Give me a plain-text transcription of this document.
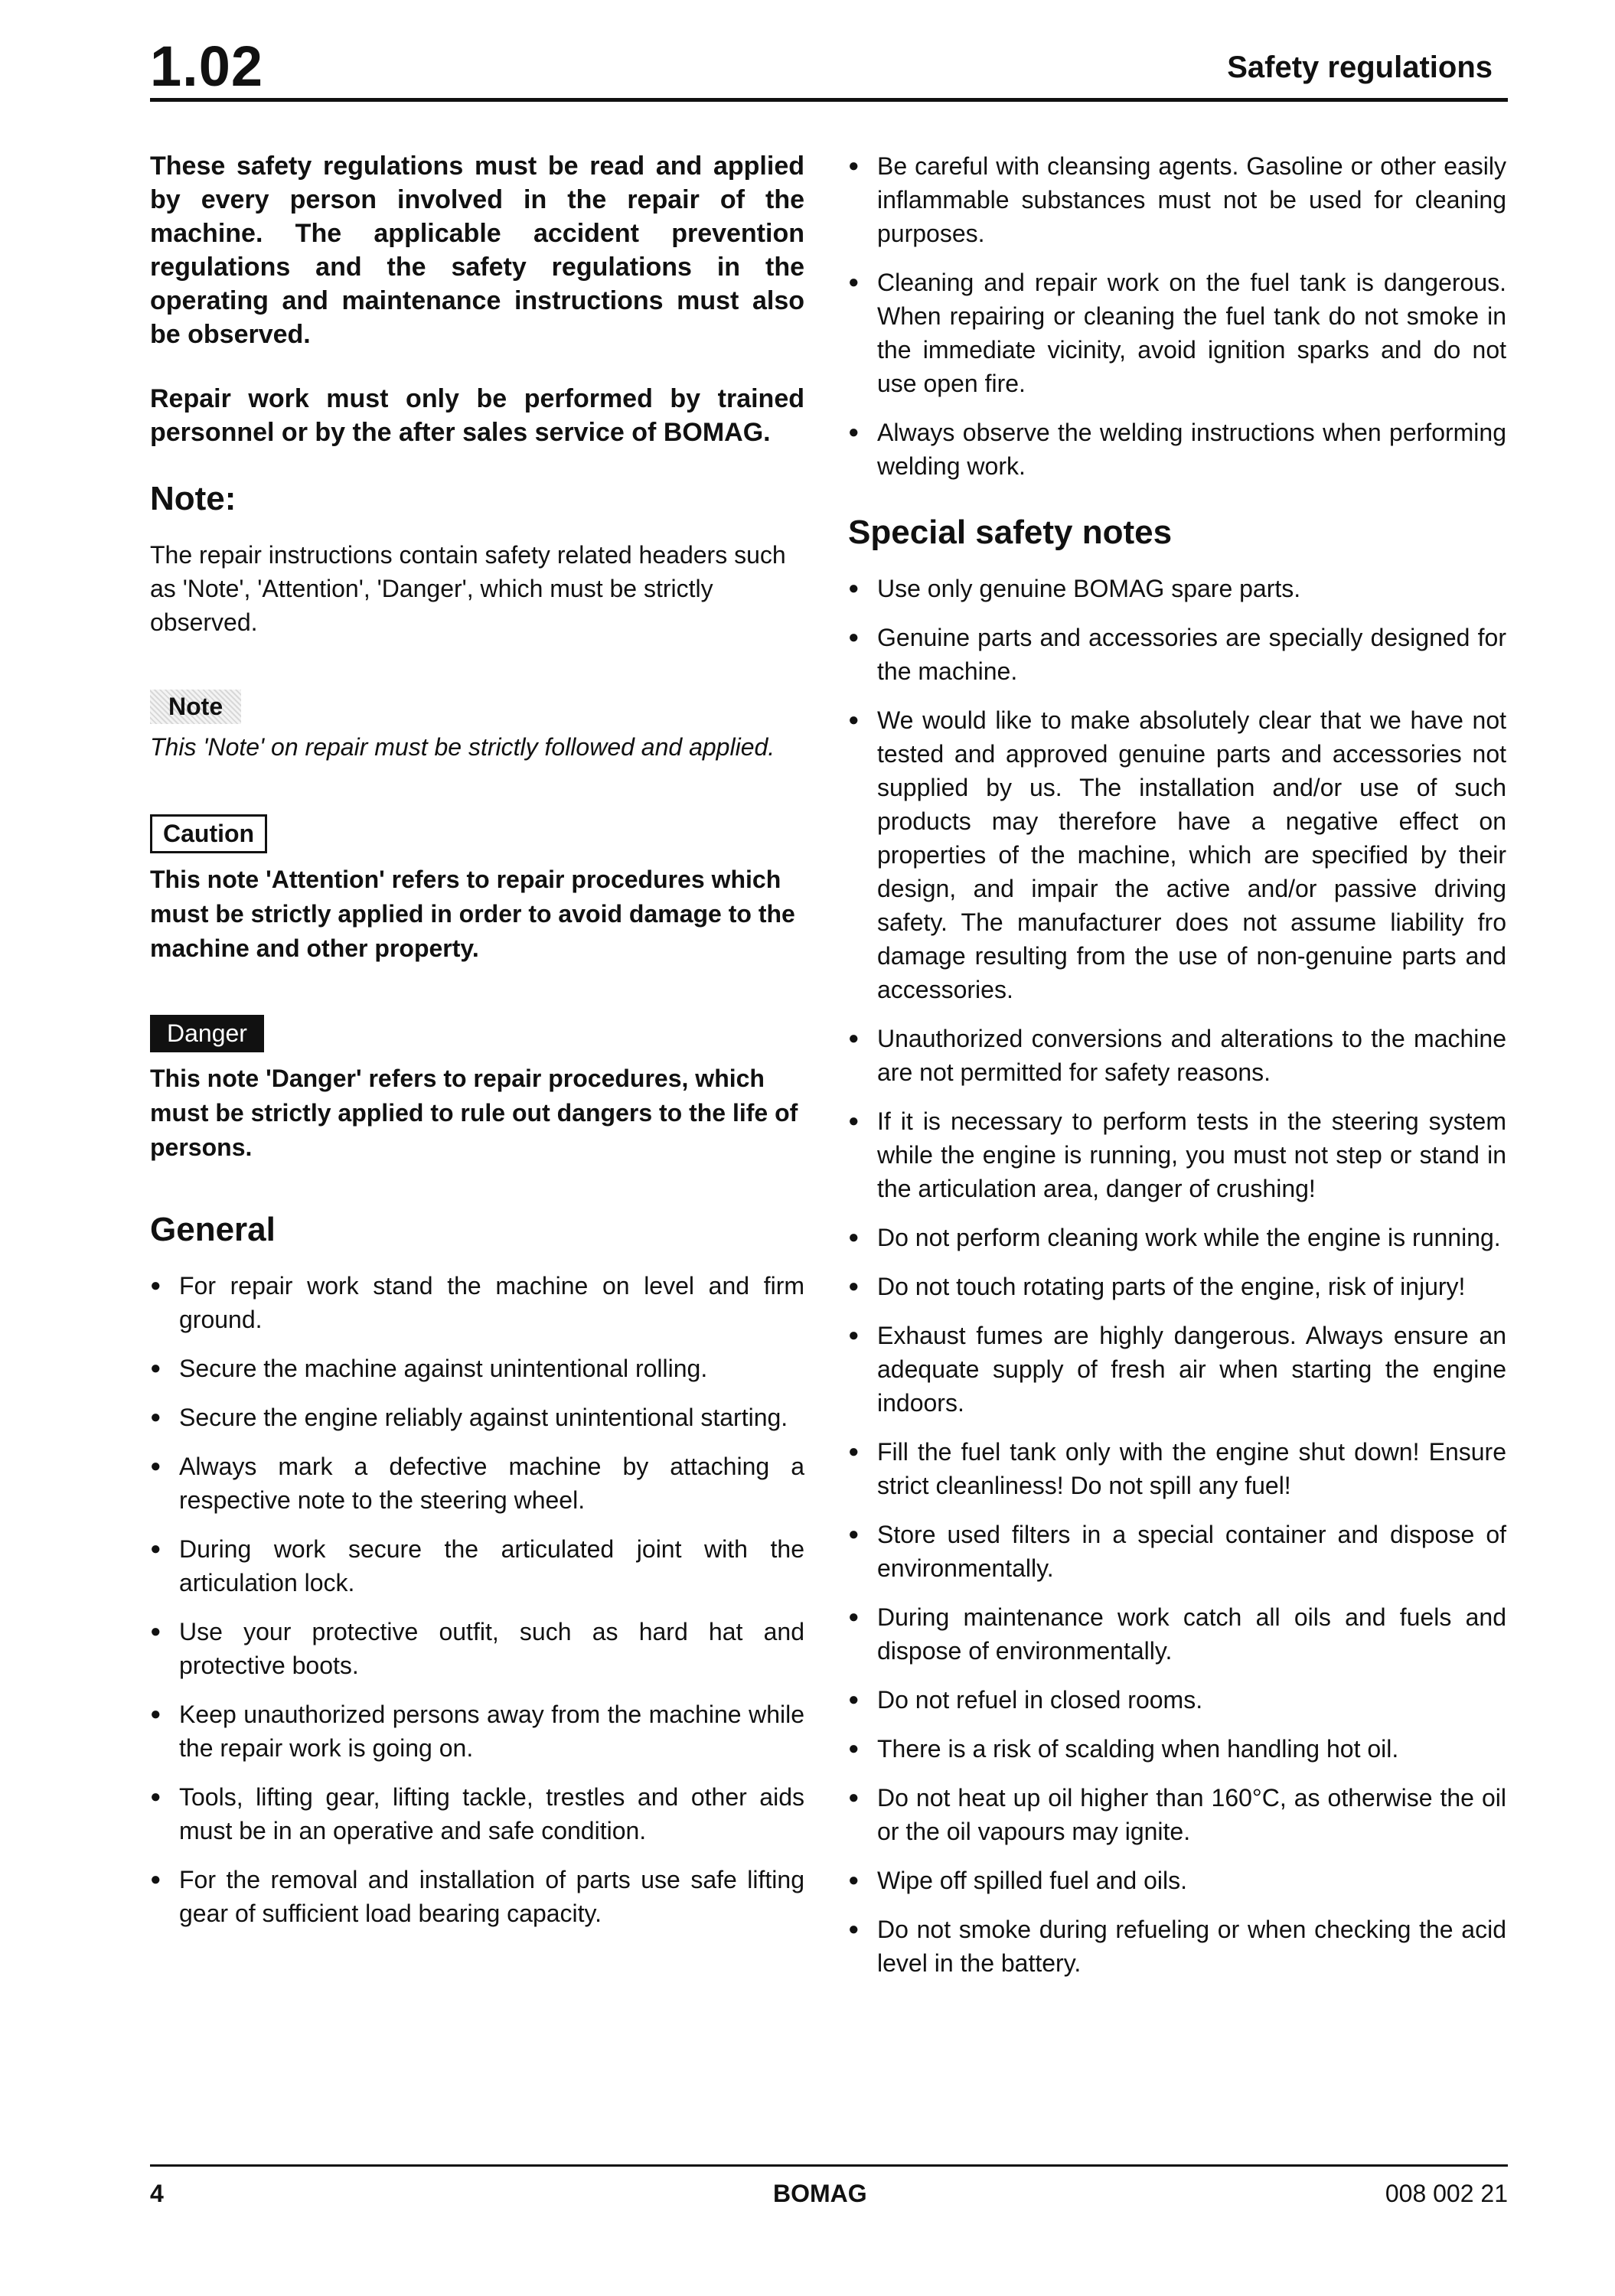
1.02	Safety regulations

These safety regulations must be read and applied by every person involved in the repair of the machine. The applicable accident prevention regulations and the safety regulations in the operating and maintenance instructions must also be observed.

Repair work must only be performed by trained personnel or by the after sales service of BOMAG.

Note:

The repair instructions contain safety related headers such as 'Note', 'Attention', 'Danger', which must be strictly observed.

Note

This 'Note' on repair must be strictly followed and applied.

Caution

This note 'Attention' refers to repair procedures which must be strictly applied in order to avoid damage to the machine and other property.

Danger

This note 'Danger' refers to repair procedures, which must be strictly applied to rule out dangers to the life of persons.

General
● For repair work stand the machine on level and firm ground.
● Secure the machine against unintentional rolling.
● Secure the engine reliably against unintentional starting.
● Always mark a defective machine by attaching a respective note to the steering wheel.
● During work secure the articulated joint with the articulation lock.
● Use your protective outfit, such as hard hat and protective boots.
● Keep unauthorized persons away from the machine while the repair work is going on.
● Tools, lifting gear, lifting tackle, trestles and other aids must be in an operative and safe condition.
● For the removal and installation of parts use safe lifting gear of sufficient load bearing capacity.
● Be careful with cleansing agents. Gasoline or other easily inflammable substances must not be used for cleaning purposes.
● Cleaning and repair work on the fuel tank is dangerous. When repairing or cleaning the fuel tank do not smoke in the immediate vicinity, avoid ignition sparks and do not use open fire.
● Always observe the welding instructions when performing welding work.
Special safety notes
● Use only genuine BOMAG spare parts.
● Genuine parts and accessories are specially designed for the machine.
● We would like to make absolutely clear that we have not tested and approved genuine parts and accessories not supplied by us. The installation and/or use of such products may therefore have a negative effect on properties of the machine, which are specified by their design, and impair the active and/or passive driving safety. The manufacturer does not assume liability fro damage resulting from the use of non-genuine parts and accessories.
● Unauthorized conversions and alterations to the machine are not permitted for safety reasons.
● If it is necessary to perform tests in the steering system while the engine is running, you must not step or stand in the articulation area, danger of crushing!
● Do not perform cleaning work while the engine is running.
● Do not touch rotating parts of the engine, risk of injury!
● Exhaust fumes are highly dangerous. Always ensure an adequate supply of fresh air when starting the engine indoors.
● Fill the fuel tank only with the engine shut down! Ensure strict cleanliness! Do not spill any fuel!
● Store used filters in a special container and dispose of environmentally.
● During maintenance work catch all oils and fuels and dispose of environmentally.
● Do not refuel in closed rooms.
● There is a risk of scalding when handling hot oil.
● Do not heat up oil higher than 160°C, as otherwise the oil or the oil vapours may ignite.
● Wipe off spilled fuel and oils.
● Do not smoke during refueling or when checking the acid level in the battery.
4	BOMAG	008 002 21
